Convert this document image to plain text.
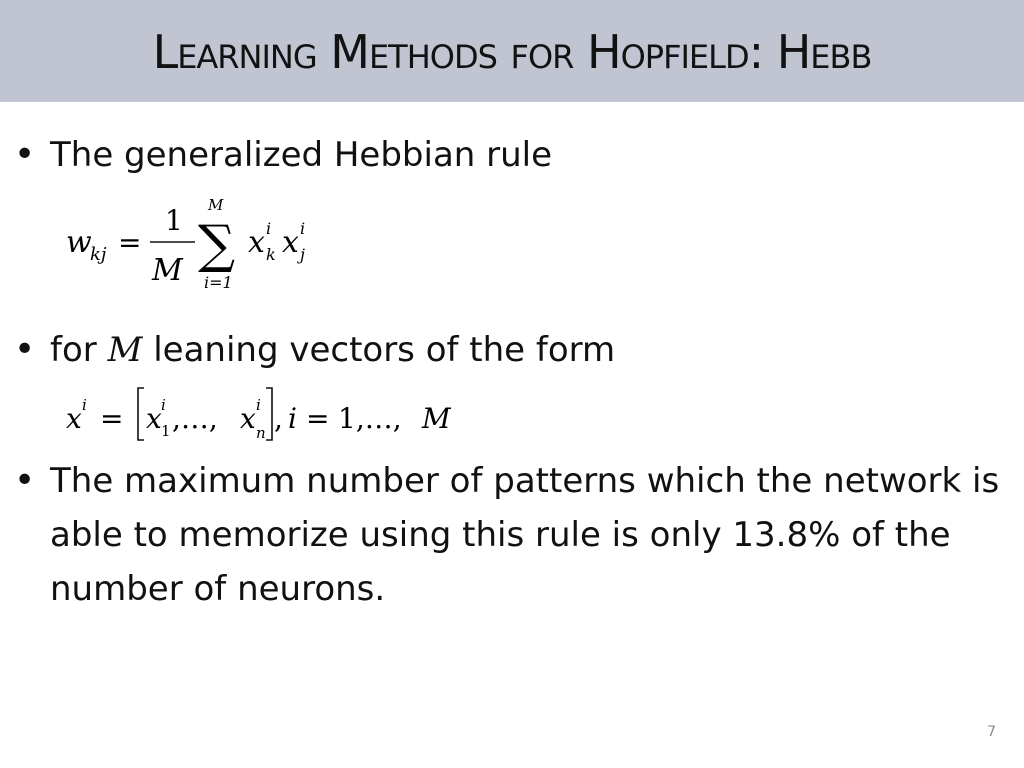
Learning Methods for Hopfield: Hebb
• The generalized Hebbian rule
w
kj =
1
M
M
∑
i=1
x i
k x i
j
• for M leaning vectors of the form
x i = x i
1 ,…, x i
n , i = 1,…, M
• The maximum number of patterns which the network is able to memorize using this rule is only 13.8% of the number of neurons.
7
